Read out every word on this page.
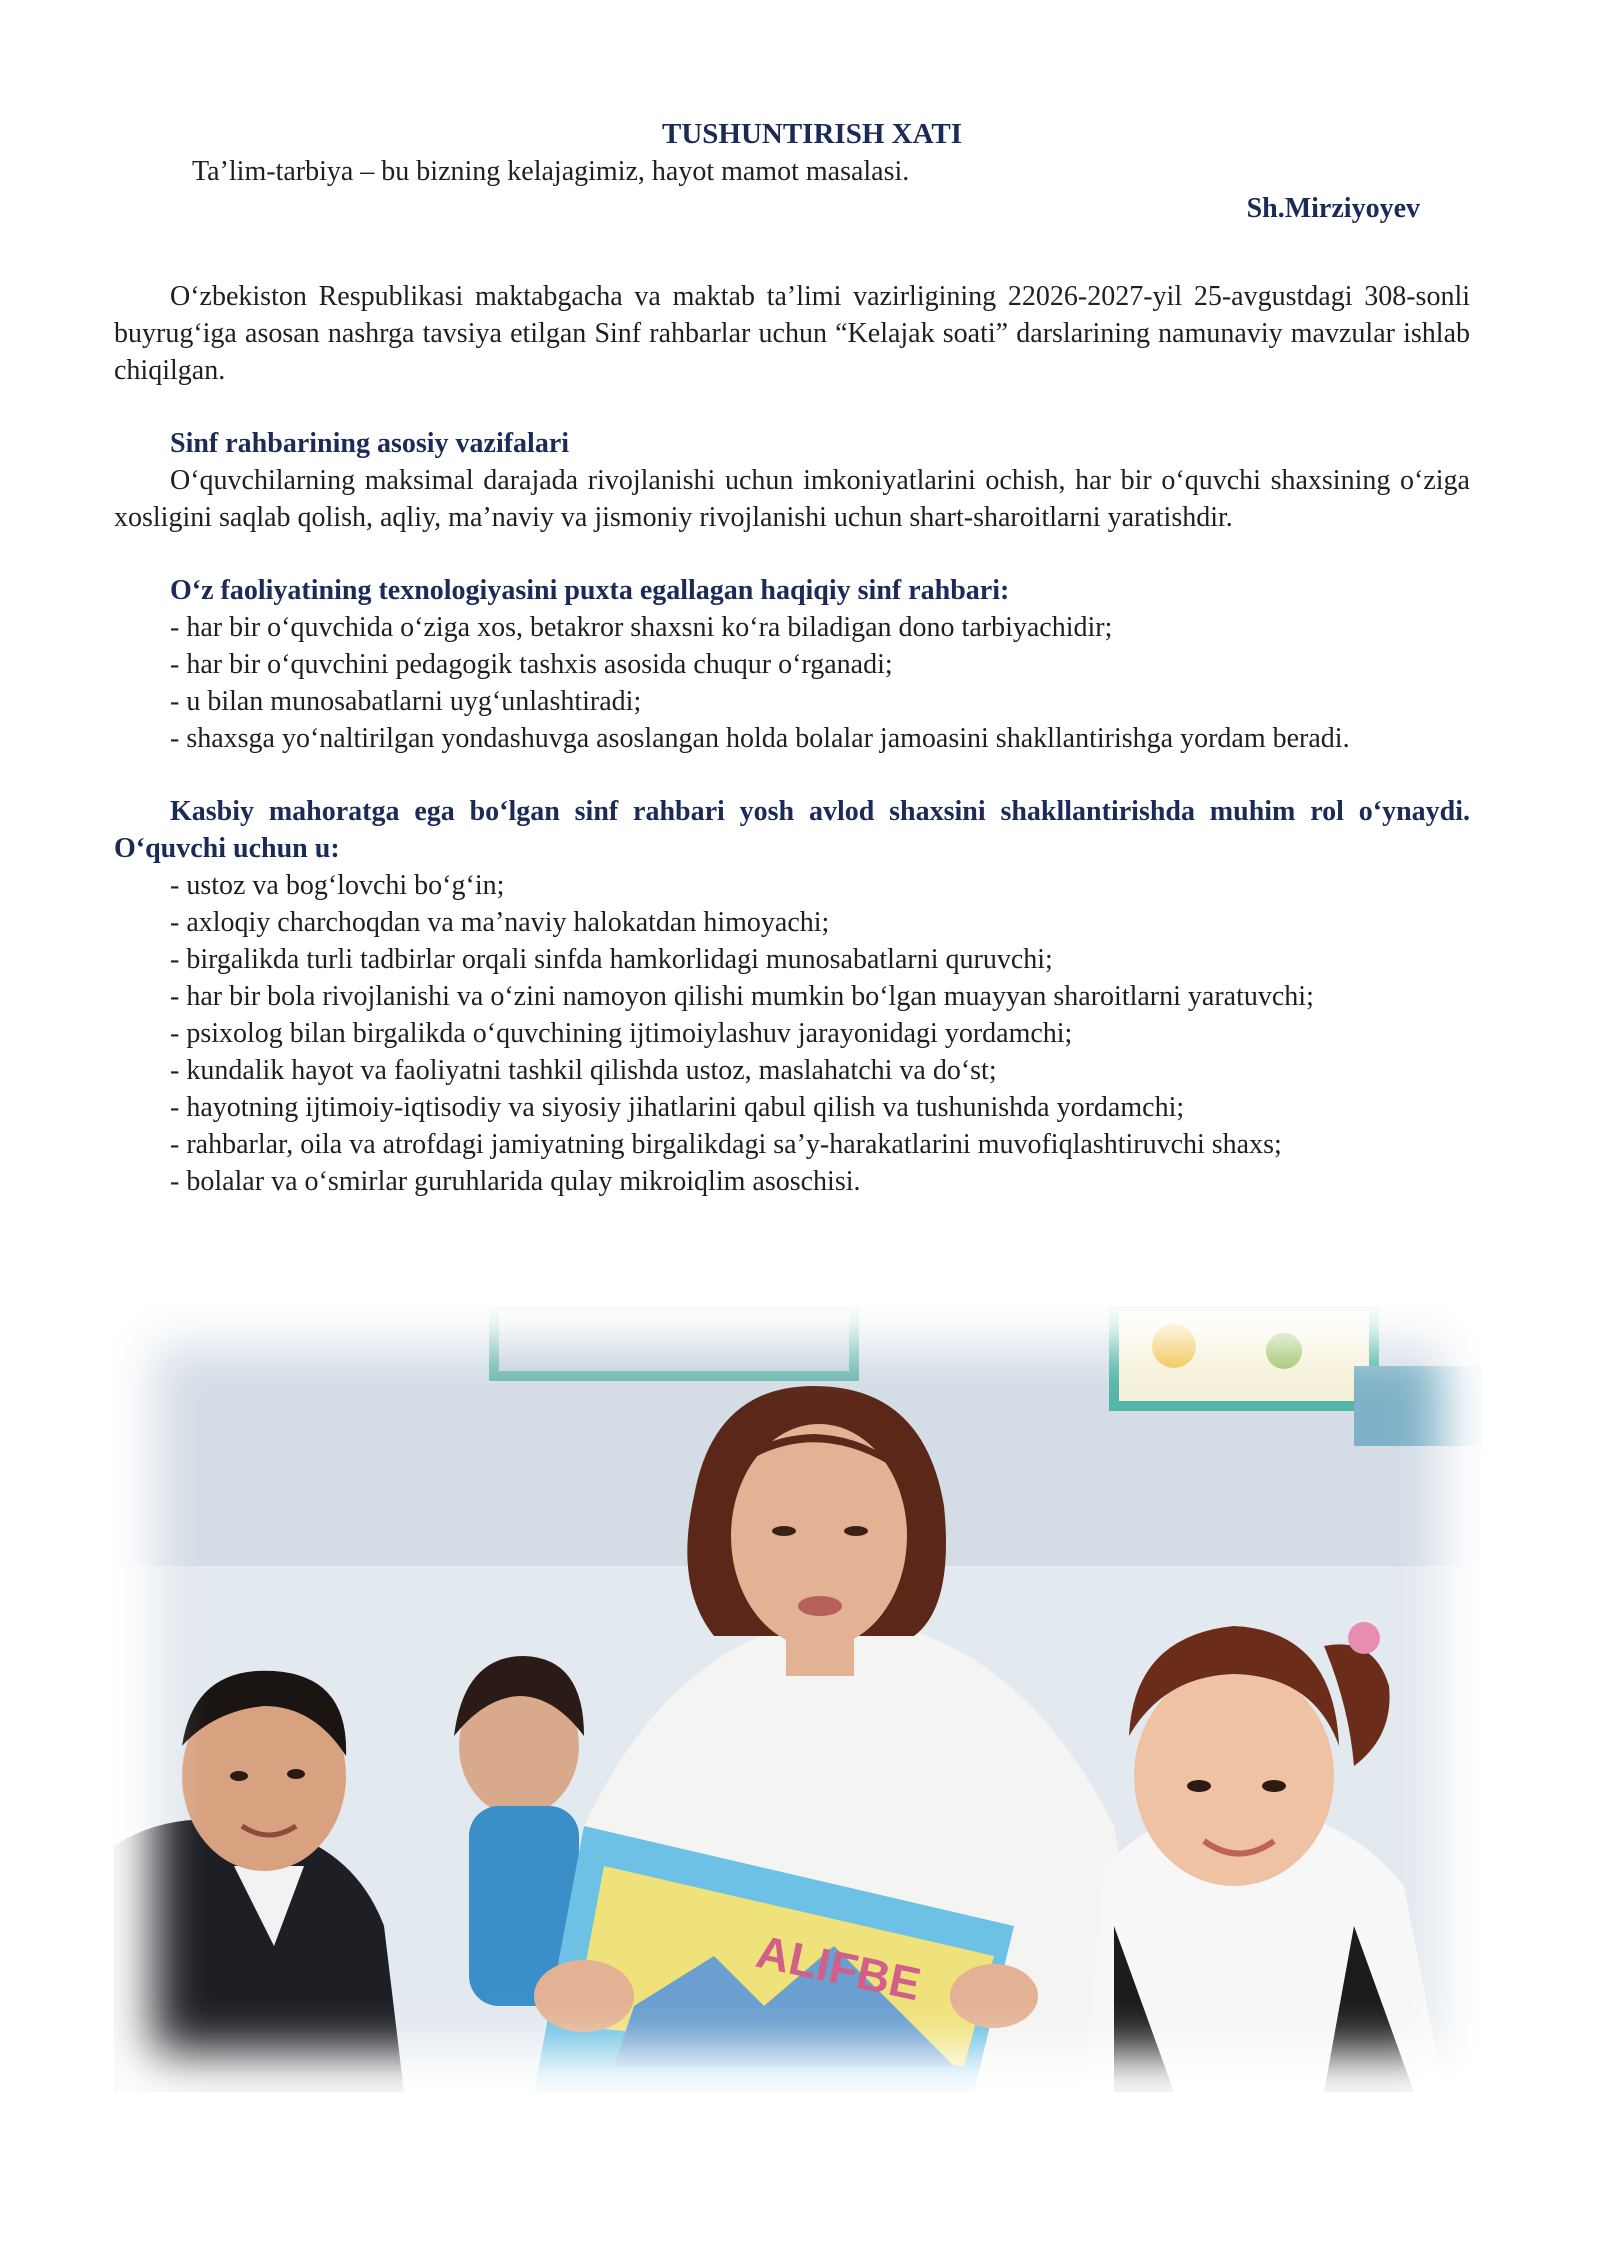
TUSHUNTIRISH XATI

Ta’lim-tarbiya – bu bizning kelajagimiz, hayot mamot masalasi.

Sh.Mirziyoyev

O‘zbekiston Respublikasi maktabgacha va maktab ta’limi vazirligining 22026-2027-yil 25-avgustdagi 308-sonli buyrug‘iga asosan nashrga tavsiya etilgan Sinf rahbarlar uchun “Kelajak soati” darslarining namunaviy mavzular ishlab chiqilgan.

Sinf rahbarining asosiy vazifalari

O‘quvchilarning maksimal darajada rivojlanishi uchun imkoniyatlarini ochish, har bir o‘quvchi shaxsining o‘ziga xosligini saqlab qolish, aqliy, ma’naviy va jismoniy rivojlanishi uchun shart-sharoitlarni yaratishdir.

O‘z faoliyatining texnologiyasini puxta egallagan haqiqiy sinf rahbari:

- har bir o‘quvchida o‘ziga xos, betakror shaxsni ko‘ra biladigan dono tarbiyachidir;
- har bir o‘quvchini pedagogik tashxis asosida chuqur o‘rganadi;
- u bilan munosabatlarni uyg‘unlashtiradi;
- shaxsga yo‘naltirilgan yondashuvga asoslangan holda bolalar jamoasini shakllantirishga yordam beradi.

Kasbiy mahoratga ega bo‘lgan sinf rahbari yosh avlod shaxsini shakllantirishda muhim rol o‘ynaydi. O‘quvchi uchun u:

- ustoz va bog‘lovchi bo‘g‘in;
- axloqiy charchoqdan va ma’naviy halokatdan himoyachi;
- birgalikda turli tadbirlar orqali sinfda hamkorlidagi munosabatlarni quruvchi;
- har bir bola rivojlanishi va o‘zini namoyon qilishi mumkin bo‘lgan muayyan sharoitlarni yaratuvchi;
- psixolog bilan birgalikda o‘quvchining ijtimoiylashuv jarayonidagi yordamchi;
- kundalik hayot va faoliyatni tashkil qilishda ustoz, maslahatchi va do‘st;
- hayotning ijtimoiy-iqtisodiy va siyosiy jihatlarini qabul qilish va tushunishda yordamchi;
- rahbarlar, oila va atrofdagi jamiyatning birgalikdagi sa’y-harakatlarini muvofiqlashtiruvchi shaxs;
- bolalar va o‘smirlar guruhlarida qulay mikroiqlim asoschisi.
ALIFBE
